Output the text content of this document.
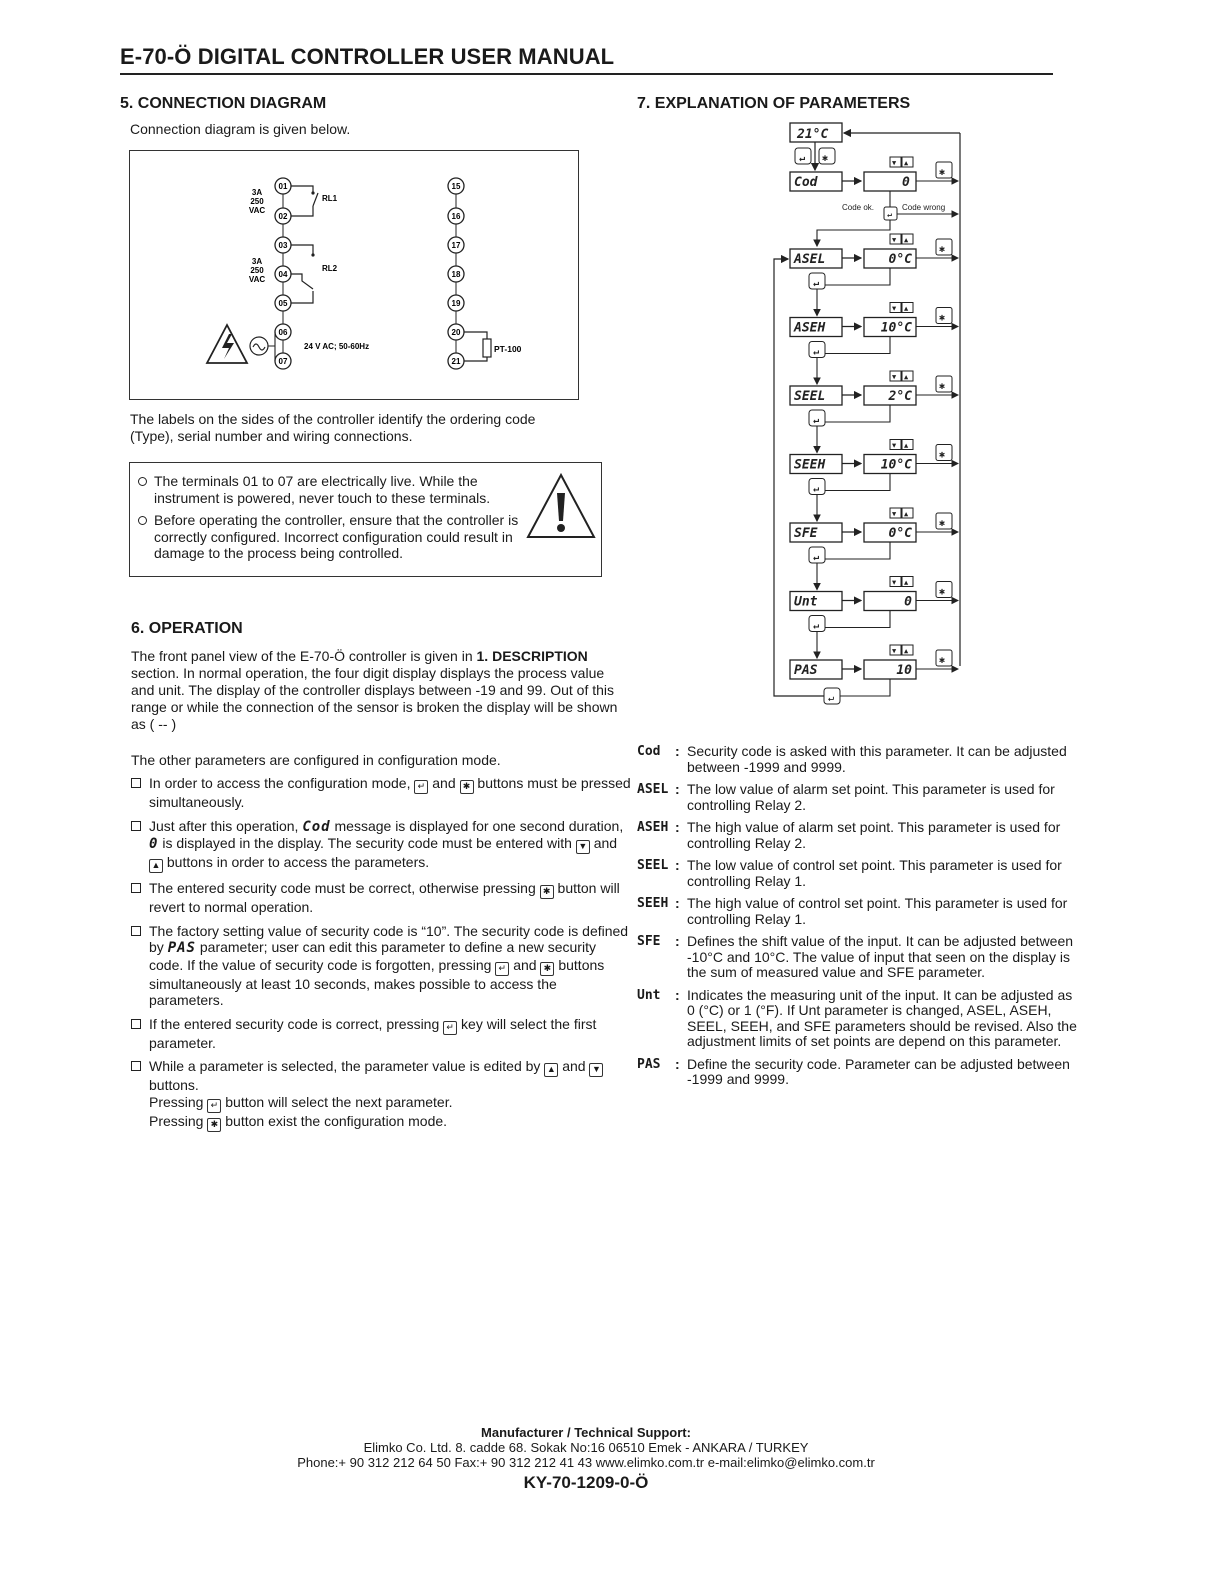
E-70-Ö DIGITAL CONTROLLER USER MANUAL
5. CONNECTION DIAGRAM

Connection diagram is given below.

01
02
03
04
05
06
07
15
16
17
18
19
20
21
3A
250
VAC
3A
250
VAC
RL1
RL2
24 V AC; 50-60Hz	PT-100

The labels on the sides of the controller identify the ordering code (Type), serial number and wiring connections.

The terminals 01 to 07 are electrically live. While the instrument is powered, never touch to these terminals.
Before operating the controller, ensure that the controller is correctly configured. Incorrect configuration could result in damage to the process being controlled.
6. OPERATION

The front panel view of the E-70-Ö controller is given in 1. DESCRIPTION section. In normal operation, the four digit display displays the process value and unit. The display of the controller displays between -19 and 99. Out of this range or while the connection of the sensor is broken the display will be shown as ( -- )

The other parameters are configured in configuration mode.

In order to access the configuration mode, ↵ and ✱ buttons must be pressed simultaneously.
Just after this operation, Cod message is displayed for one second duration, 0 is displayed in the display. The security code must be entered with ▼ and ▲ buttons in order to access the parameters.
The entered security code must be correct, otherwise pressing ✱ button will revert to normal operation.
The factory setting value of security code is “10”. The security code is defined by PAS parameter; user can edit this parameter to define a new security code. If the value of security code is forgotten, pressing ↵ and ✱ buttons simultaneously at least 10 seconds, makes possible to access the parameters.
If the entered security code is correct, pressing ↵ key will select the first parameter.
While a parameter is selected, the parameter value is edited by ▲ and ▼ buttons.
Pressing ↵ button will select the next parameter.
Pressing ✱ button exist the configuration mode.
7. EXPLANATION OF PARAMETERS
21°C
↵ ✱
Cod	0
▼ ▲
✱
Code ok.	Code wrong
↵
ASEL	0°C
▼ ▲
✱
↵
ASEH	10°C
▼ ▲
✱
↵
SEEL	2°C
▼ ▲
✱
↵
SEEH	10°C
▼ ▲
✱
↵
SFE	0°C
▼ ▲
✱
↵
Unt	0
▼ ▲
✱
↵
PAS	10
▼ ▲
✱
↵
Cod	: Security code is asked with this parameter. It can be adjusted between -1999 and 9999.
ASEL : The low value of alarm set point. This parameter is used for controlling Relay 2.
ASEH : The high value of alarm set point. This parameter is used for controlling Relay 2.
SEEL : The low value of control set point. This parameter is used for controlling Relay 1.
SEEH : The high value of control set point. This parameter is used for controlling Relay 1.
SFE	: Defines the shift value of the input. It can be adjusted between -10°C and 10°C. The value of input that seen on the display is the sum of measured value and SFE parameter.
Unt	: Indicates the measuring unit of the input. It can be adjusted as 0 (°C) or 1 (°F). If Unt parameter is changed, ASEL, ASEH, SEEL, SEEH, and SFE parameters should be revised. Also the adjustment limits of set points are depend on this parameter.
PAS	: Define the security code. Parameter can be adjusted between -1999 and 9999.
Manufacturer / Technical Support:
Elimko Co. Ltd. 8. cadde 68. Sokak No:16 06510 Emek - ANKARA / TURKEY
Phone:+ 90 312 212 64 50 Fax:+ 90 312 212 41 43 www.elimko.com.tr e-mail:elimko@elimko.com.tr
KY-70-1209-0-Ö
